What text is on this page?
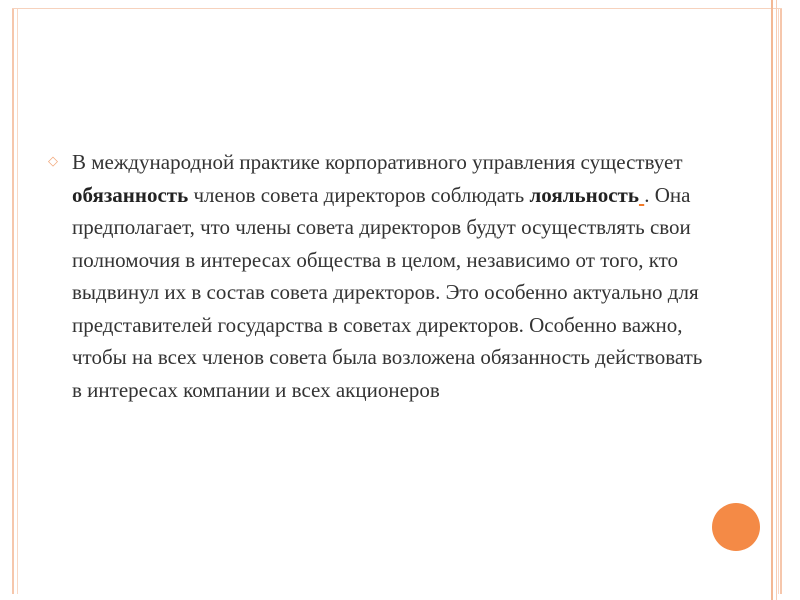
◇ В международной практике корпоративного управления существует обязанность членов совета директоров соблюдать лояльность . Она предполагает, что члены совета директоров будут осуществлять свои полномочия в интересах общества в целом, независимо от того, кто выдвинул их в состав совета директоров. Это особенно актуально для представителей государства в советах директоров. Особенно важно, чтобы на всех членов совета была возложена обязанность действовать в интересах компании и всех акционеров
